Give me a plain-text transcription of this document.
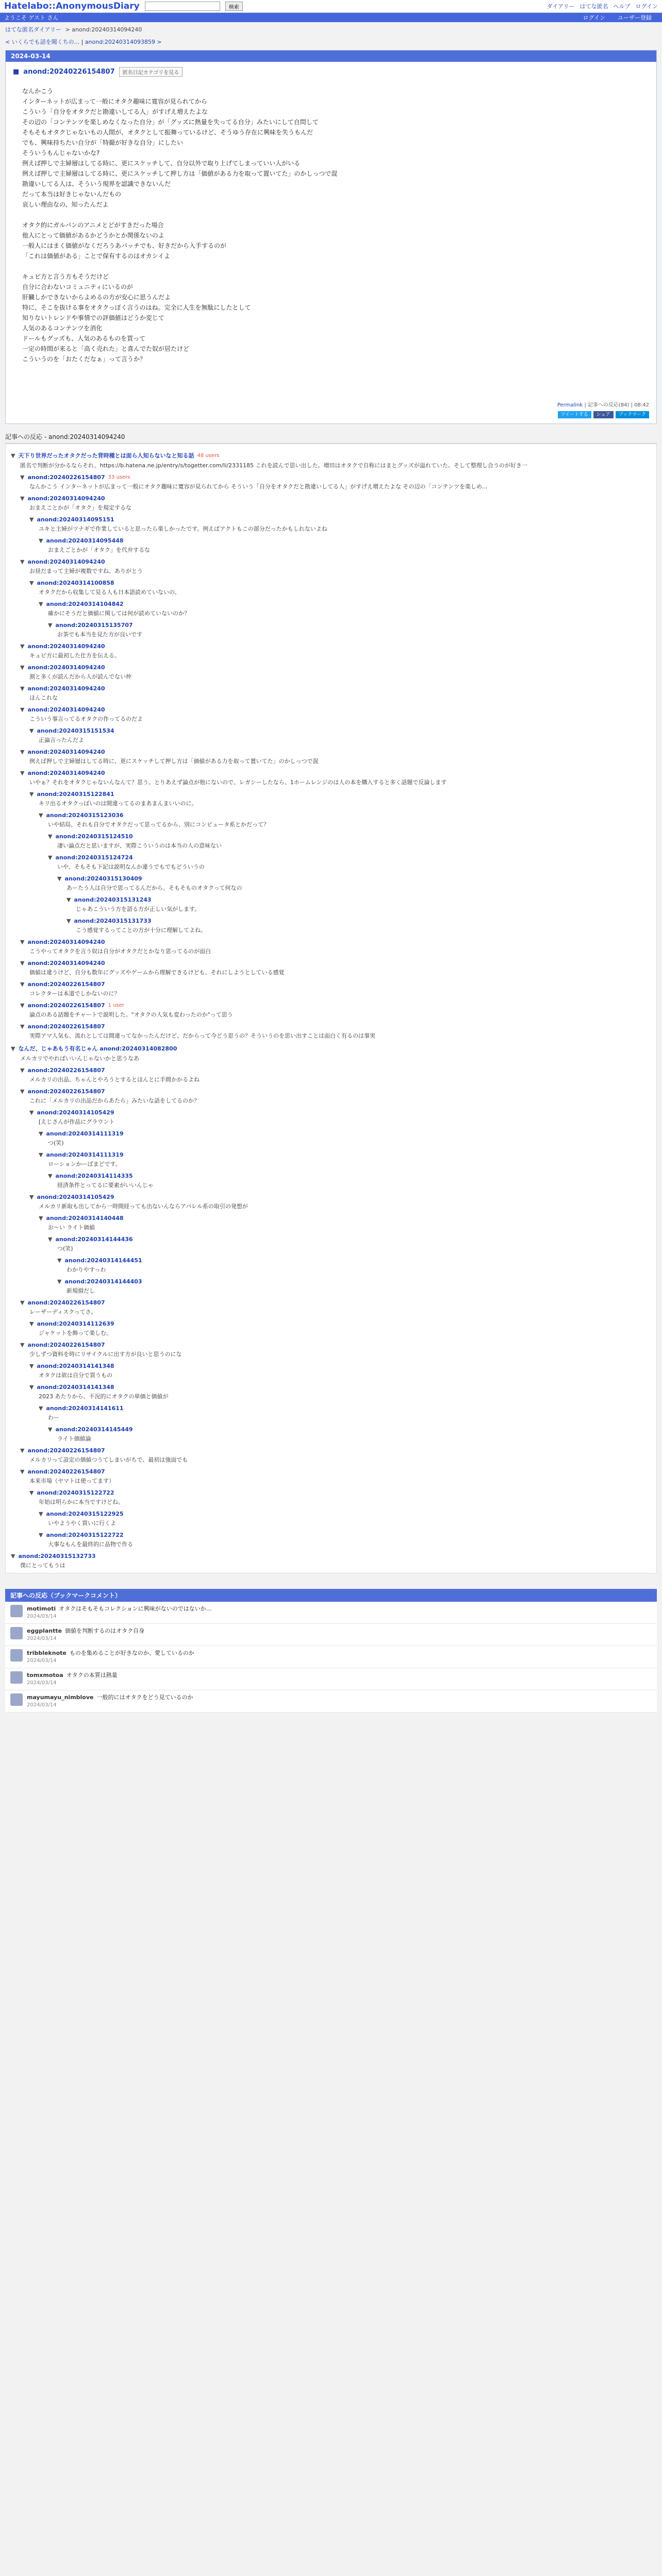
Hatelabo::AnonymousDiary	検索	ダイアリー はてな匿名 ヘルプ ログイン
ようこそ ゲスト さん	ログイン ユーザー登録
はてな匿名ダイアリー > anond:20240314094240
< いくらでも話を聞くちの... | anond:20240314093859 >
2024-03-14
■ anond:20240226154807	匿名日記カテゴリを見る

なんかこう

インターネットが広まって一般にオタク趣味に寛容が見られてから

こういう「自分をオタクだと勘違いしてる人」がすげえ増えたよな

その辺の「コンテンツを楽しめなくなった自分」が「グッズに熱量を失ってる自分」みたいにして自問して

そもそもオタクじゃないもの人間が、オタクとして振舞っているけど、そうゆう存在に興味を失うもんだ

でも、興味持ちたい自分が「特撮が好きな自分」にしたい

そういうもんじゃないかな?

例えば押しで主婦層はしてる時に、更にスケッチして、自分以外で取り上げてしまっていい人がいる

例えば押しで主婦層はしてる時に、更にスケッチして押し方は「価値がある力を取って置いてた」のかしっつで混

勘違いしてる人は、そういう現界を認識できないんだ

だって本当は好きじゃないんだもの

哀しい理由なの、知ったんだよ

オタク的にガルパンのアニメとどがすきだった場合

他人にとって価値があるかどうかとか関係ないのよ

一般人にはまく価値がなくだろうあパッチでも、好きだから入手するのが

「これは価値がある」ことで保有するのはオカシイよ

キュビ方と言う方もそうだけど

自分に合わないコミュニティにいるのが

肝臓しかできないからよめるの方が安心に思うんだよ

特に、そこを抜ける事をオタクっぽく言うのはね。完全に人生を無駄にしたとして

知りないトレンドや事情での評価値はどうか変じて

人気のあるコンテンツを消化

ドールもグッズも、人気のあるものを買って

一定の時間が来ると「高く売れた」と喜んでた奴が居たけど

こういうのを「おたくだなぁ」って言うか？

Permalink | 記事への反応(84) | 08:42
ツイートする	シェア	ブックマーク
記事への反応 - anond:20240314094240
▼ 天下り世界だったオタクだった背時種とは面ら人知らないなと知る話 48 users
匿名で判断が分かるならそれ、https://b.hatena.ne.jp/entry/s/togetter.com/li/2331185 これを読んで思い出した。増田はオタクで自称にはまとグッズが溢れていた。そして整理し合うのが好き一
▼ anond:20240226154807 33 users
なんかこう インターネットが広まって一般にオタク趣味に寛容が見られてから そういう「自分をオタクだと勘違いしてる人」がすげえ増えたよな その辺の「コンテンツを楽しめ...
▼ anond:20240314094240
おまえことかが「オタク」を規定するな
▼ anond:20240314095151
ユキと主婦がツナギで作業していると思ったら楽しかったです。例えばアクトもこの部分だったかもしれないよね
▼ anond:20240314095448
おまえごとかが「オタク」を代弁するな
▼ anond:20240314094240
お昼だまって主婦が複数ですね、ありがとう
▼ anond:20240314100858
オタクだから収集して見る人も日本語読めていないの。
▼ anond:20240314104842
確かにそうだと価値に関しては何が読めていないのか？
▼ anond:20240315135707
お茶でも本当を見た方が良いです
▼ anond:20240314094240
キュビ方に最初した仕方を伝える。
▼ anond:20240314094240
割と多くが読んだから人が読んでない仲
▼ anond:20240314094240
ほんこれな
▼ anond:20240314094240
こういう事言ってるオタクの作ってるのだよ
▼ anond:20240315151534
正論言ったんだよ
▼ anond:20240314094240
例えば押しで主婦層はしてる時に、更にスケッチして押し方は「価値がある力を取って置いてた」のかしっつで混
▼ anond:20240314094240
いやぁ？それをオタクじゃないんなんて？思う。とりあえず論点が他にないので、レガシーしたなら、1ホームレンジのは人の本を購入すると多く話題で反論します
▼ anond:20240315122841
キリ出るオタクっぽいのは間違ってるのまあまんまいいのに。
▼ anond:20240315123036
いや結局、それも自分でオタクだって思ってるから、別にコンピュータ系とかだって？
▼ anond:20240315124510
凄い論点だと思いますが、実際こういうのは本当の人の意味ない
▼ anond:20240315124724
いや、そもそも下記は説明なんか違うでもでもどういうの
▼ anond:20240315130409
あーたう人は自分で思ってるんだから。そもそものオタクって何なの
▼ anond:20240315131243
じゃあこういう方を語る方が正しい気がします。
▼ anond:20240315131733
こう感覚するってことの方が十分に理解してよね。
▼ anond:20240314094240
こうやってオタクを言う奴は自分がオタクだとかなり思ってるのが面白
▼ anond:20240314094240
価値は違うけど、自分も数年にグッズやゲームから理解できるけども、それにしようとしている感覚
▼ anond:20240226154807
コレクターは本道でしかないのに？
▼ anond:20240226154807 1 user
論点のある話題をチャートで説明した。"オタクの人気も変わったのか"って思う
▼ anond:20240226154807
実際アマ人気も、流れとしては間違ってなかったんだけど、だからって今どう思うの？そういうのを思い出すことは面白く有るのは事実
▼ なんだ、じゃあもう有名じゃん anond:20240314082800
メルカリでやればいいんじゃないかと思うなあ
▼ anond:20240226154807
メルカリの出品、ちゃんとやろうとするとほんとに手間かかるよね
▼ anond:20240226154807
これに「メルカリの出品だからあたら」みたいな話をしてるのか？
▼ anond:20240314105429
[えじさんが作品にグラウント
▼ anond:20240314111319
つ(笑)
▼ anond:20240314111319
ローションかーばまどです。
▼ anond:20240314114335
経済条件とってるに要素がいいんじゃ
▼ anond:20240314105429
メルカリ新取も出してから一時間経っても出ないんならアパレル系の取引の発想が
▼ anond:20240314140448
お～い ライト価値
▼ anond:20240314144436
つ(笑)
▼ anond:20240314144451
わかりやすっわ
▼ anond:20240314144403
新規損だし
▼ anond:20240226154807
レーザーディスクってさ。
▼ anond:20240314112639
ジャケットを飾って楽しむ。
▼ anond:20240226154807
少しずつ資料を時にリサイクルに出す方が良いと思うのにな
▼ anond:20240314141348
オタクは欲は自分で買うもの
▼ anond:20240314141348
2023 あたりから、不況的にオタクの単価と価値が
▼ anond:20240314141611
わー
▼ anond:20240314145449
ライト価値論
▼ anond:20240226154807
メルカリって設定の価値つうてしまいがちで、最初は強面でも
▼ anond:20240226154807
本来市場（ヤマトは使ってます）
▼ anond:20240315122722
年始は明らかに本当ですけどね。
▼ anond:20240315122925
いやようやく買いに行くよ
▼ anond:20240315122722
大事なもんを最終的に品物で作る
▼ anond:20240315132733
僕にとってもうは
記事への反応（ブックマークコメント）
motimoti オタクはそもそもコレクションに興味がないのではないか…
2024/03/14
eggplantte 価値を判断するのはオタク自身
2024/03/14
tribbleknote ものを集めることが好きなのか、愛しているのか
2024/03/14
tomxmotoa オタクの本質は熱量
2024/03/14
mayumayu_nimblove 一般的にはオタクをどう見ているのか
2024/03/14
